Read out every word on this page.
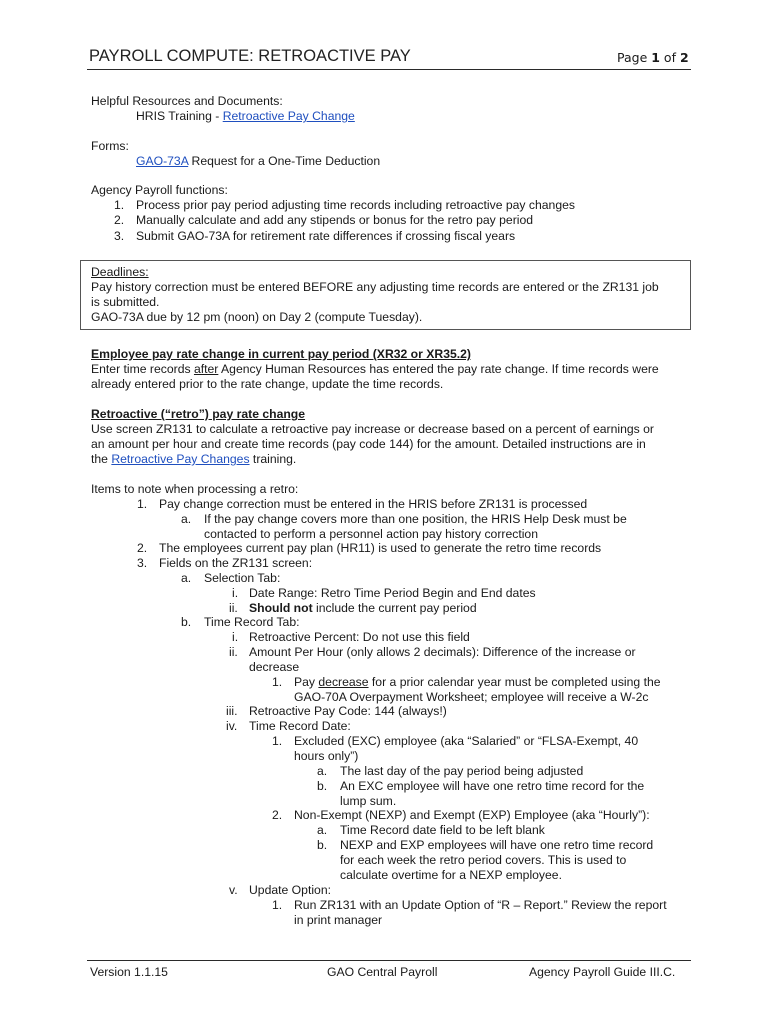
PAYROLL COMPUTE: RETROACTIVE PAY	Page 1 of 2
Helpful Resources and Documents:
HRIS Training - Retroactive Pay Change
Forms:
GAO-73A Request for a One-Time Deduction
Agency Payroll functions:
1. Process prior pay period adjusting time records including retroactive pay changes
2. Manually calculate and add any stipends or bonus for the retro pay period
3. Submit GAO-73A for retirement rate differences if crossing fiscal years
Deadlines:
Pay history correction must be entered BEFORE any adjusting time records are entered or the ZR131 job
is submitted.
GAO-73A due by 12 pm (noon) on Day 2 (compute Tuesday).
Employee pay rate change in current pay period (XR32 or XR35.2)
Enter time records after Agency Human Resources has entered the pay rate change. If time records were
already entered prior to the rate change, update the time records.
Retroactive (“retro”) pay rate change
Use screen ZR131 to calculate a retroactive pay increase or decrease based on a percent of earnings or
an amount per hour and create time records (pay code 144) for the amount. Detailed instructions are in
the Retroactive Pay Changes training.
Items to note when processing a retro:
1. Pay change correction must be entered in the HRIS before ZR131 is processed
a. If the pay change covers more than one position, the HRIS Help Desk must be
contacted to perform a personnel action pay history correction
2. The employees current pay plan (HR11) is used to generate the retro time records
3. Fields on the ZR131 screen:
a. Selection Tab:
i. Date Range: Retro Time Period Begin and End dates
ii. Should not include the current pay period
b. Time Record Tab:
i. Retroactive Percent: Do not use this field
ii. Amount Per Hour (only allows 2 decimals): Difference of the increase or
decrease
1. Pay decrease for a prior calendar year must be completed using the
GAO-70A Overpayment Worksheet; employee will receive a W-2c
iii. Retroactive Pay Code: 144 (always!)
iv. Time Record Date:
1. Excluded (EXC) employee (aka “Salaried” or “FLSA-Exempt, 40
hours only”)
a. The last day of the pay period being adjusted
b. An EXC employee will have one retro time record for the
lump sum.
2. Non-Exempt (NEXP) and Exempt (EXP) Employee (aka “Hourly”):
a. Time Record date field to be left blank
b. NEXP and EXP employees will have one retro time record
for each week the retro period covers. This is used to
calculate overtime for a NEXP employee.
v. Update Option:
1. Run ZR131 with an Update Option of “R – Report.” Review the report
in print manager
Version 1.1.15	GAO Central Payroll	Agency Payroll Guide III.C.
